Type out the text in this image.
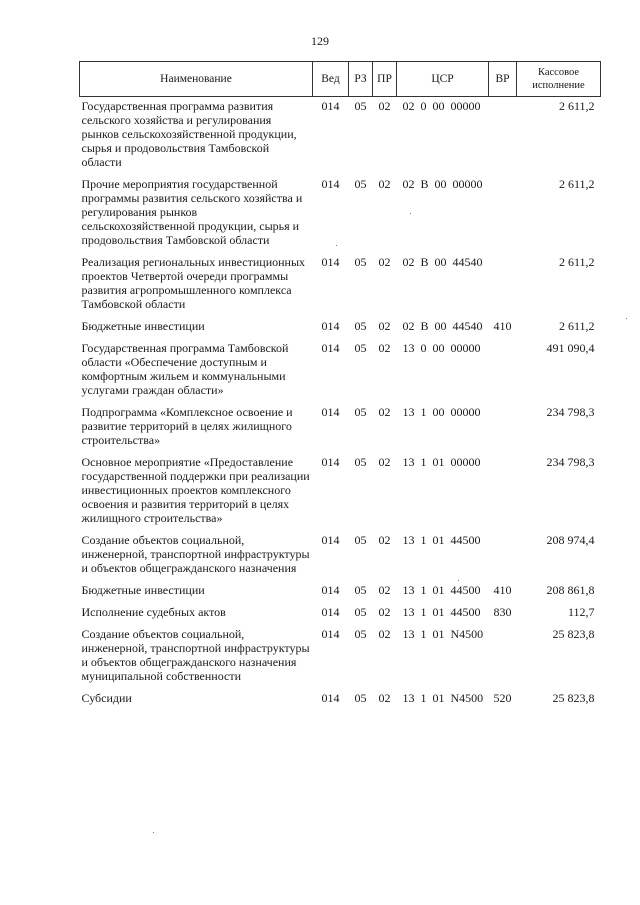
129
Наименование	Вед	РЗ	ПР	ЦСР	ВР	Кассовое исполнение

Государственная программа развития сельского хозяйства и регулирования рынков сельскохозяйственной продукции, сырья и продовольствия Тамбовской области	014	05	02	02  0  00  00000		2 611,2
Прочие мероприятия государственной программы развития сельского хозяйства и регулирования рынков сельскохозяйственной продукции, сырья и продовольствия Тамбовской области	014	05	02	02  В  00  00000		2 611,2
Реализация региональных инвестиционных проектов Четвертой очереди программы развития агропромышленного комплекса Тамбовской области	014	05	02	02  В  00  44540		2 611,2
Бюджетные инвестиции	014	05	02	02  В  00  44540	410	2 611,2
Государственная программа Тамбовской области «Обеспечение доступным и комфортным жильем и коммунальными услугами граждан области»	014	05	02	13  0  00  00000		491 090,4
Подпрограмма «Комплексное освоение и развитие территорий в целях жилищного строительства»	014	05	02	13  1  00  00000		234 798,3
Основное мероприятие «Предоставление государственной поддержки при реализации инвестиционных проектов комплексного освоения и развития территорий в целях жилищного строительства»	014	05	02	13  1  01  00000		234 798,3
Создание объектов социальной, инженерной, транспортной инфраструктуры и объектов общегражданского назначения	014	05	02	13  1  01  44500		208 974,4
Бюджетные инвестиции	014	05	02	13  1  01  44500	410	208 861,8
Исполнение судебных актов	014	05	02	13  1  01  44500	830	112,7
Создание объектов социальной, инженерной, транспортной инфраструктуры и объектов общегражданского назначения муниципальной собственности	014	05	02	13  1  01  N4500		25 823,8
Субсидии	014	05	02	13  1  01  N4500	520	25 823,8
